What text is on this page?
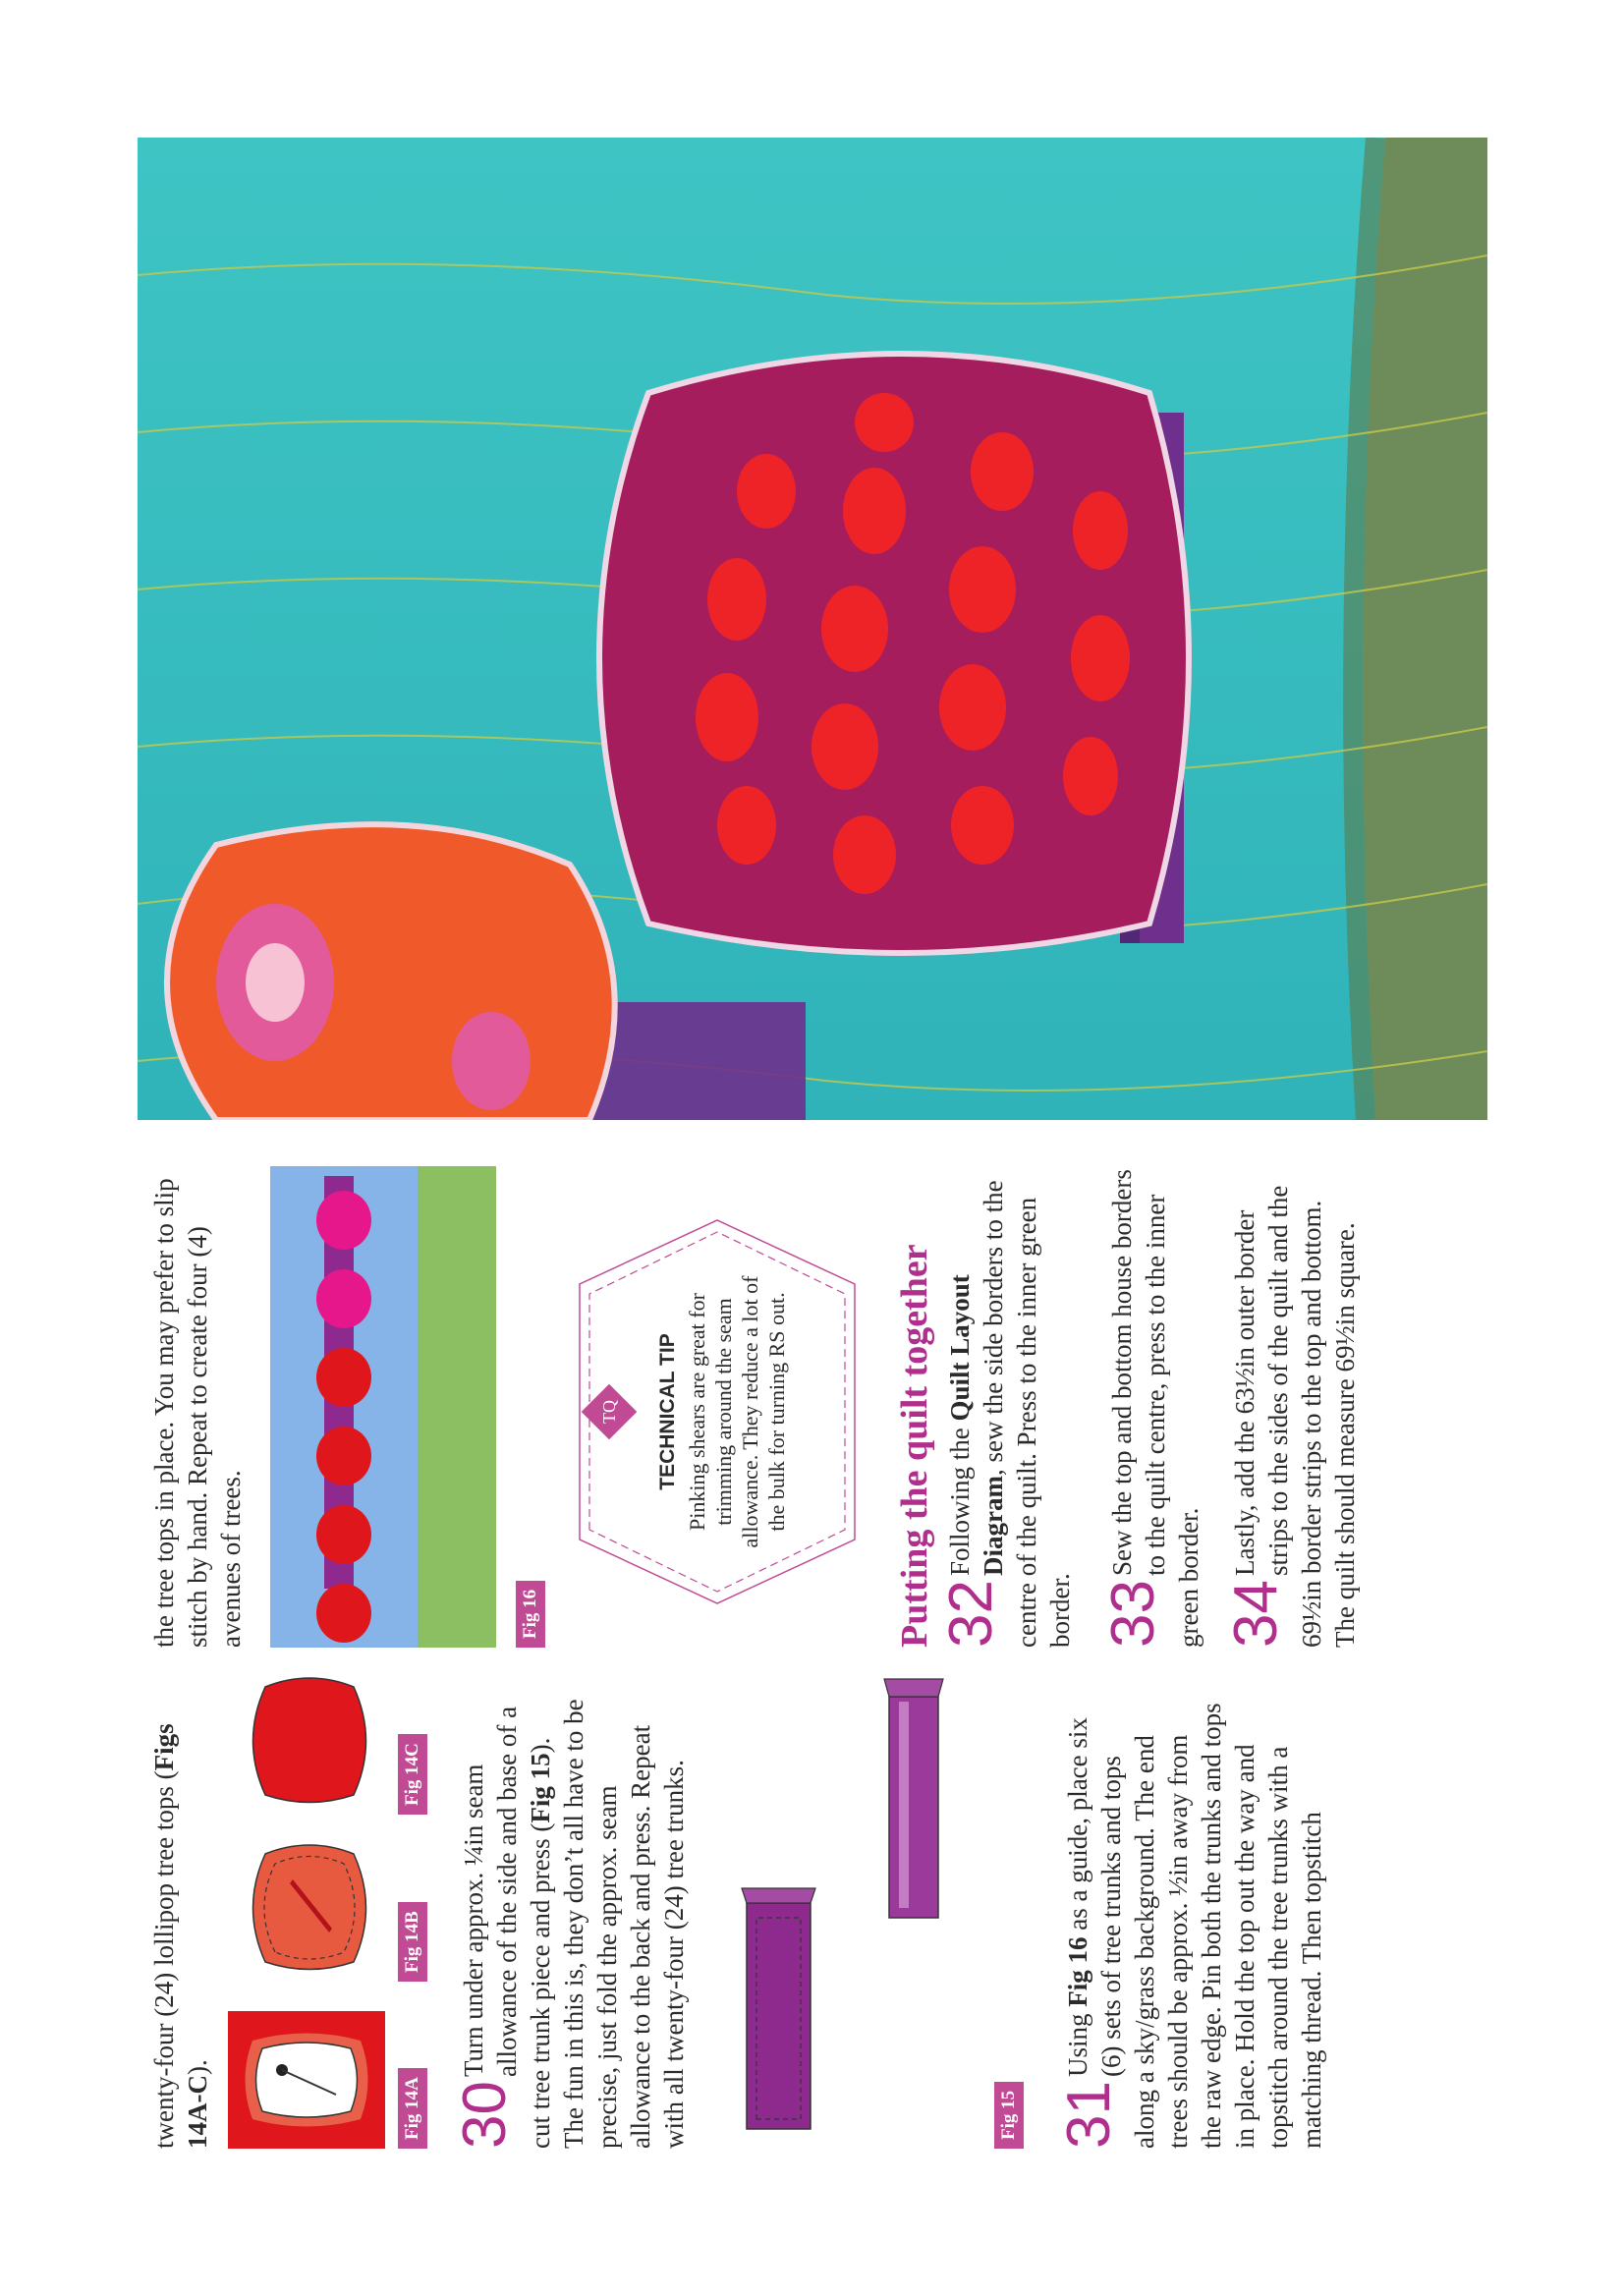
twenty-four (24) lollipop tree tops (Figs 14A-C).
Fig 14A
Fig 14B
Fig 14C
30
Turn under approx. ¼in seam allowance of the side and base of a cut tree trunk piece and press (Fig 15). The fun in this is, they don’t all have to be precise, just fold the approx. seam allowance to the back and press. Repeat with all twenty-four (24) tree trunks.	Fig 15 31
Using Fig 16 as a guide, place six (6) sets of tree trunks and tops along a sky/grass background. The end trees should be approx. ½in away from the raw edge. Pin both the trunks and tops in place. Hold the top out the way and topstitch around the tree trunks with a matching thread. Then topstitch
the tree tops in place. You may prefer to slip stitch by hand. Repeat to create four (4) avenues of trees.	Fig 16
TQ	TECHNICAL TIP Pinking shears are great for trimming around the seam allowance. They reduce a lot of the bulk for turning RS out.	Putting the quilt together 32
Following the Quilt Layout Diagram, sew the side borders to the centre of the quilt. Press to the inner green border. 33
Sew the top and bottom house borders to the quilt centre, press to the inner green border. 34
Lastly, add the 63½in outer border strips to the sides of the quilt and the 69½in border strips to the top and bottom. The quilt should measure 69½in square.
